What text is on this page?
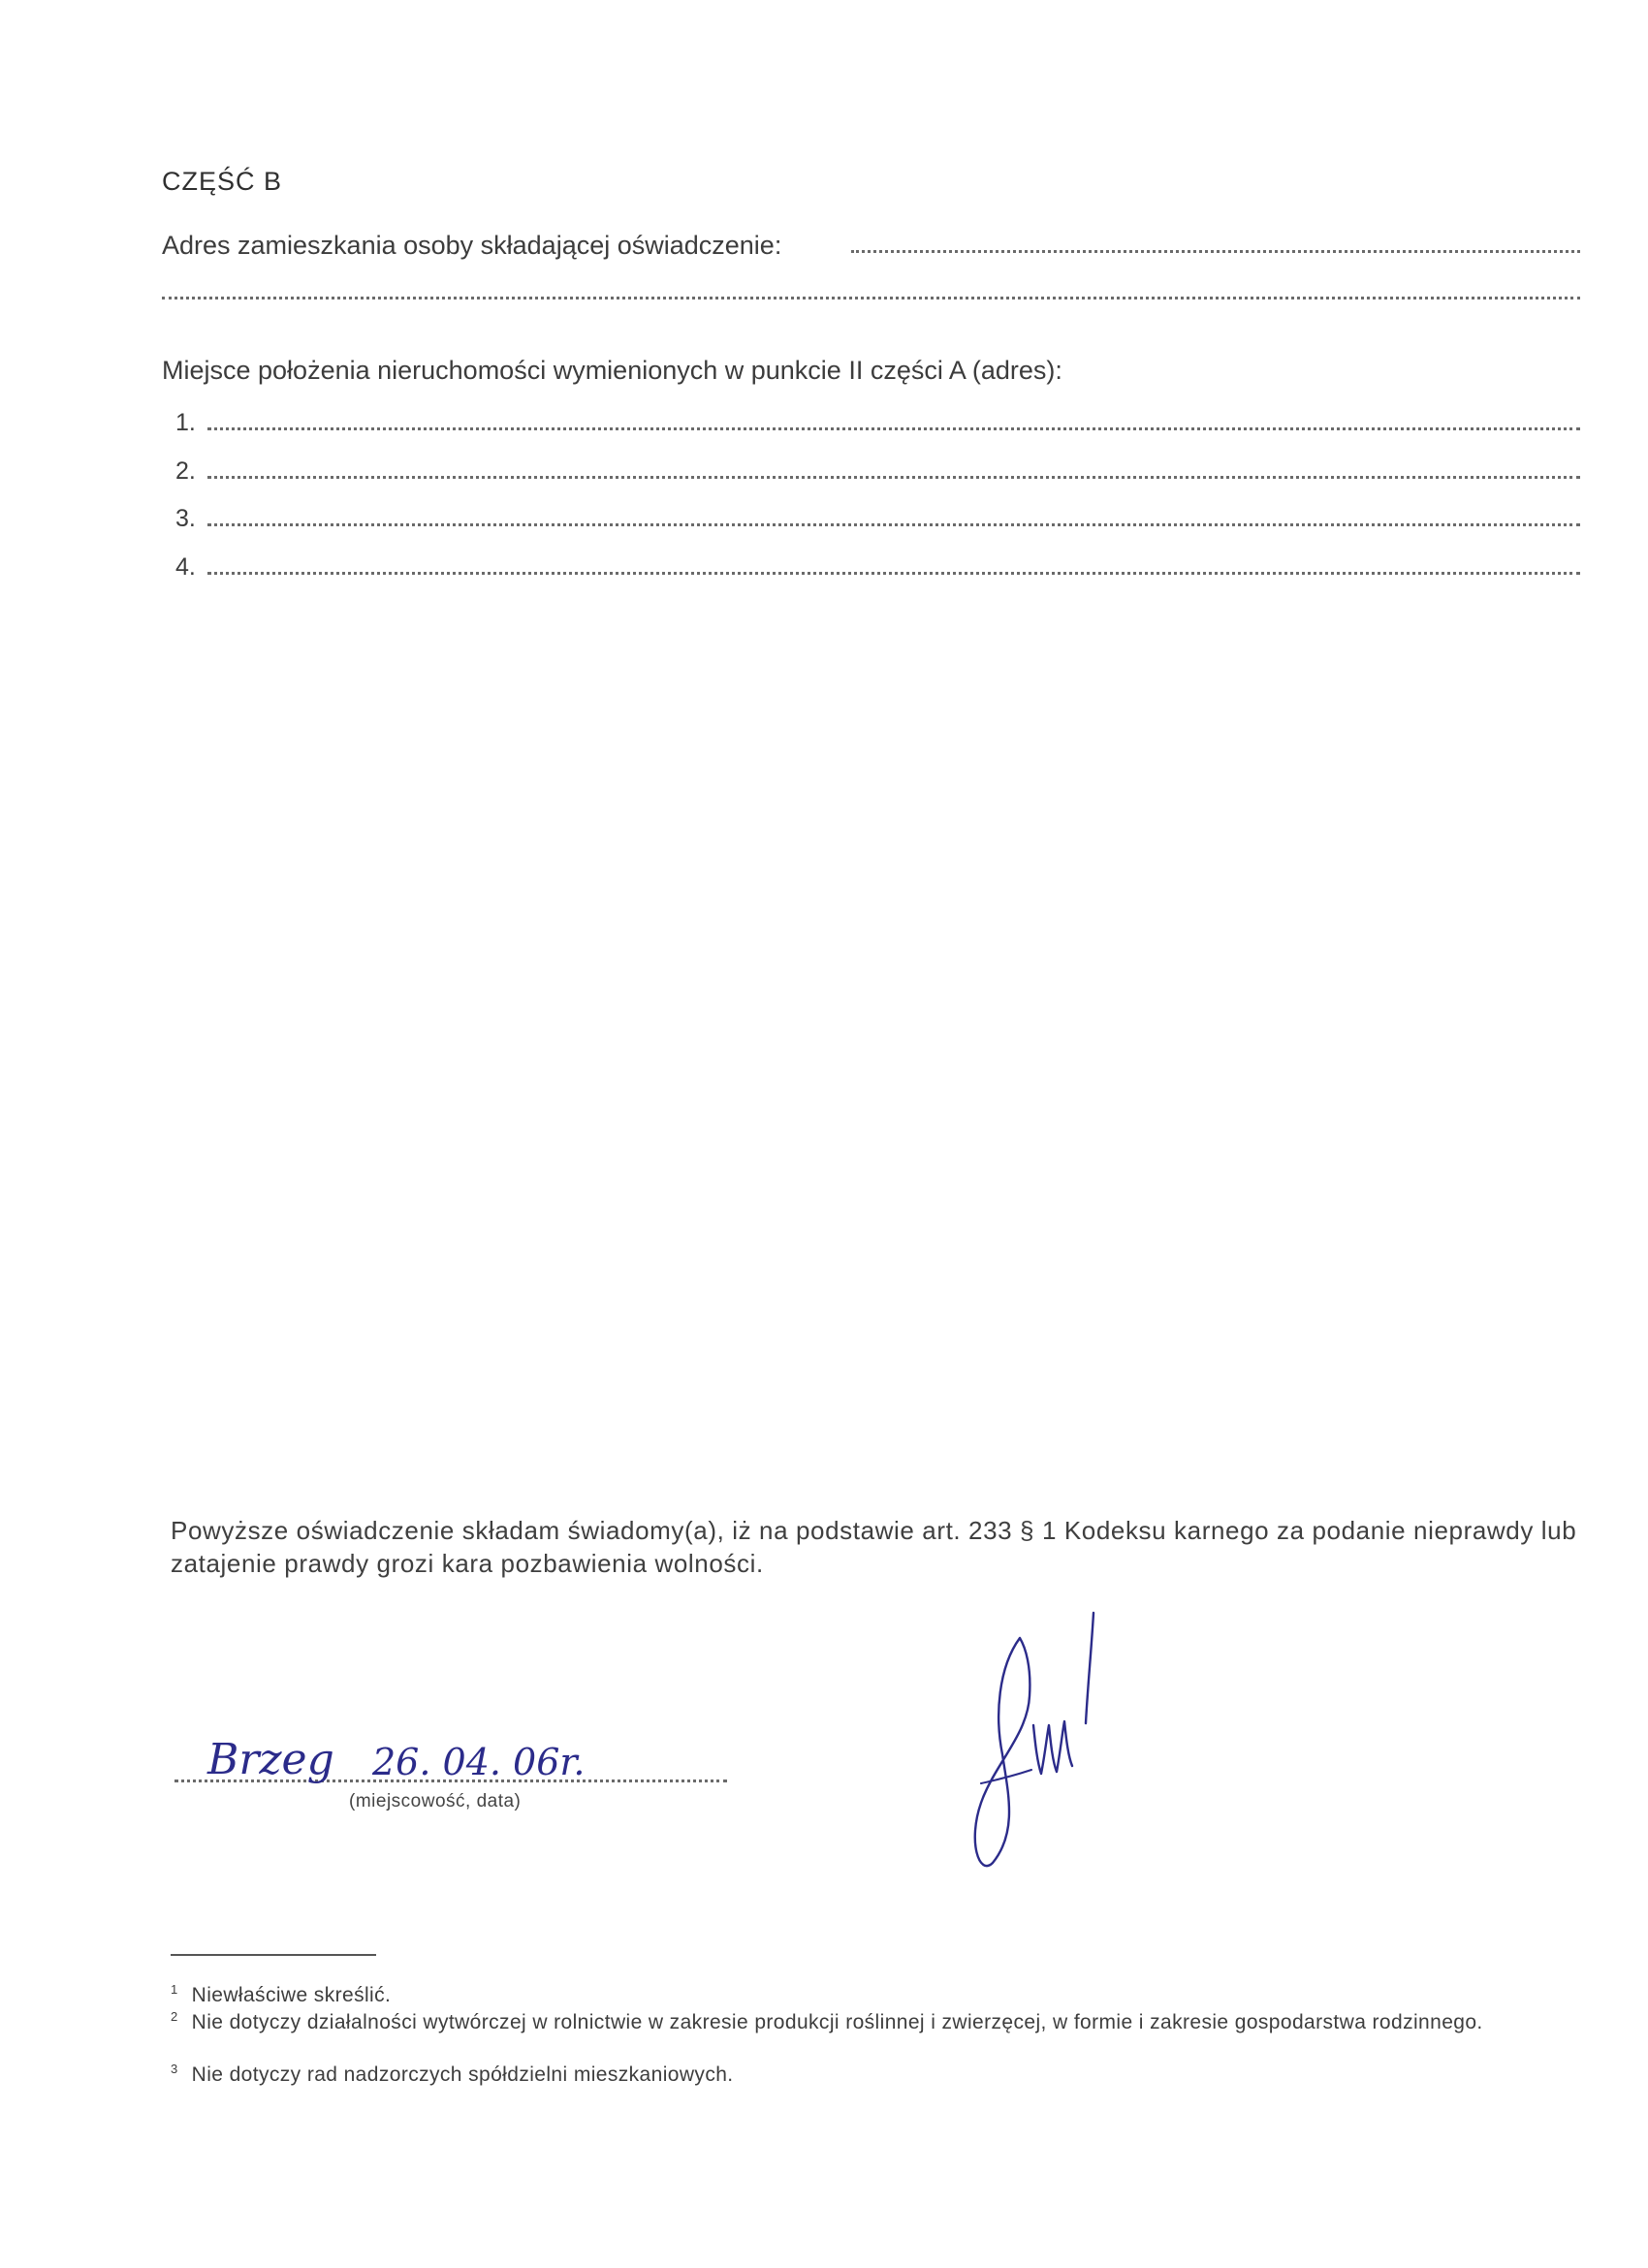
CZĘŚĆ B
Adres zamieszkania osoby składającej oświadczenie:
Miejsce położenia nieruchomości wymienionych w punkcie II części A (adres):
1.
2.
3.
4.
Powyższe oświadczenie składam świadomy(a), iż na podstawie art. 233 § 1 Kodeksu karnego za podanie nieprawdy lub zatajenie prawdy grozi kara pozbawienia wolności.
Brzeg 26. 04. 06r.
(miejscowość, data)
$^1$ Niewłaściwe skreślić.
$^2$ Nie dotyczy działalności wytwórczej w rolnictwie w zakresie produkcji roślinnej i zwierzęcej, w formie i zakresie gospodarstwa rodzinnego.
$^3$ Nie dotyczy rad nadzorczych spółdzielni mieszkaniowych.
